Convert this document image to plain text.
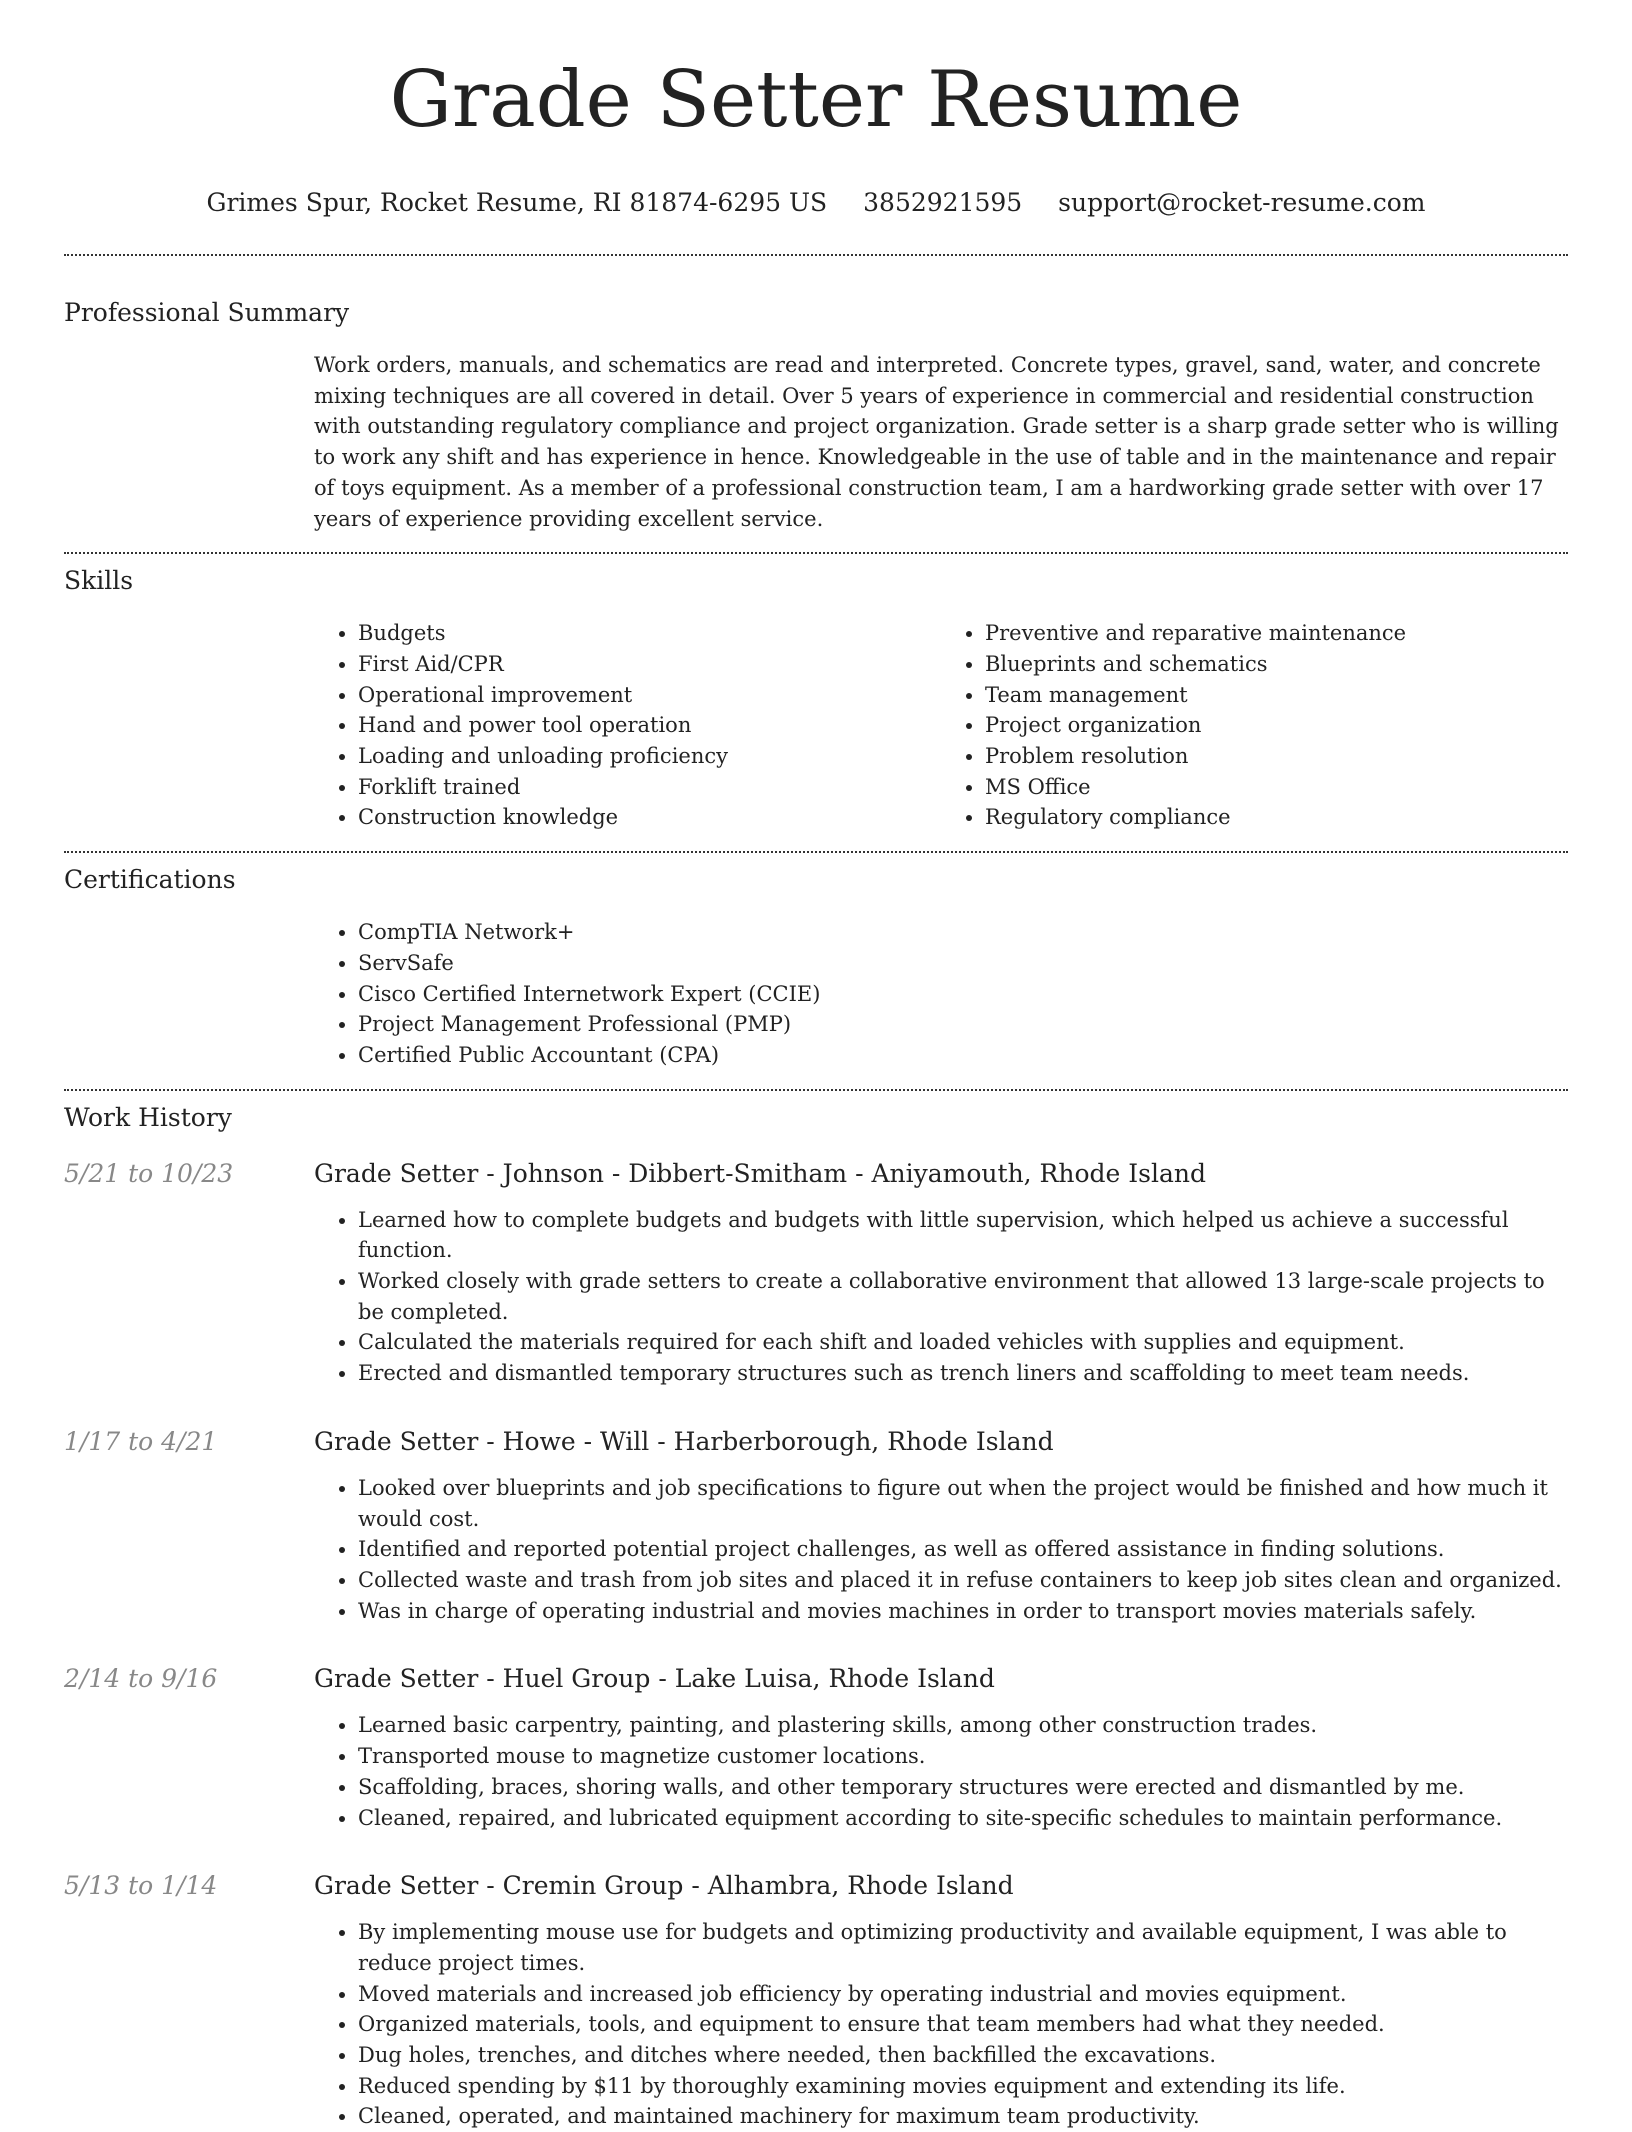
Grade Setter Resume
Grimes Spur, Rocket Resume, RI 81874-6295 US 3852921595 support@rocket-resume.com
Professional Summary
Work orders, manuals, and schematics are read and interpreted. Concrete types, gravel, sand, water, and concrete mixing techniques are all covered in detail. Over 5 years of experience in commercial and residential construction with outstanding regulatory compliance and project organization. Grade setter is a sharp grade setter who is willing to work any shift and has experience in hence. Knowledgeable in the use of table and in the maintenance and repair of toys equipment. As a member of a professional construction team, I am a hardworking grade setter with over 17 years of experience providing excellent service.
Skills
• Budgets
• First Aid/CPR
• Operational improvement
• Hand and power tool operation
• Loading and unloading proficiency
• Forklift trained
• Construction knowledge
• Preventive and reparative maintenance
• Blueprints and schematics
• Team management
• Project organization
• Problem resolution
• MS Office
• Regulatory compliance
Certifications
• CompTIA Network+
• ServSafe
• Cisco Certified Internetwork Expert (CCIE)
• Project Management Professional (PMP)
• Certified Public Accountant (CPA)
Work History
5/21 to 10/23	Grade Setter - Johnson - Dibbert-Smitham - Aniyamouth, Rhode Island
• Learned how to complete budgets and budgets with little supervision, which helped us achieve a successful function.
• Worked closely with grade setters to create a collaborative environment that allowed 13 large-scale projects to be completed.
• Calculated the materials required for each shift and loaded vehicles with supplies and equipment.
• Erected and dismantled temporary structures such as trench liners and scaffolding to meet team needs.
1/17 to 4/21	Grade Setter - Howe - Will - Harberborough, Rhode Island
• Looked over blueprints and job specifications to figure out when the project would be finished and how much it would cost.
• Identified and reported potential project challenges, as well as offered assistance in finding solutions.
• Collected waste and trash from job sites and placed it in refuse containers to keep job sites clean and organized.
• Was in charge of operating industrial and movies machines in order to transport movies materials safely.
2/14 to 9/16	Grade Setter - Huel Group - Lake Luisa, Rhode Island
• Learned basic carpentry, painting, and plastering skills, among other construction trades.
• Transported mouse to magnetize customer locations.
• Scaffolding, braces, shoring walls, and other temporary structures were erected and dismantled by me.
• Cleaned, repaired, and lubricated equipment according to site-specific schedules to maintain performance.
5/13 to 1/14	Grade Setter - Cremin Group - Alhambra, Rhode Island
• By implementing mouse use for budgets and optimizing productivity and available equipment, I was able to reduce project times.
• Moved materials and increased job efficiency by operating industrial and movies equipment.
• Organized materials, tools, and equipment to ensure that team members had what they needed.
• Dug holes, trenches, and ditches where needed, then backfilled the excavations.
• Reduced spending by $11 by thoroughly examining movies equipment and extending its life.
• Cleaned, operated, and maintained machinery for maximum team productivity.
